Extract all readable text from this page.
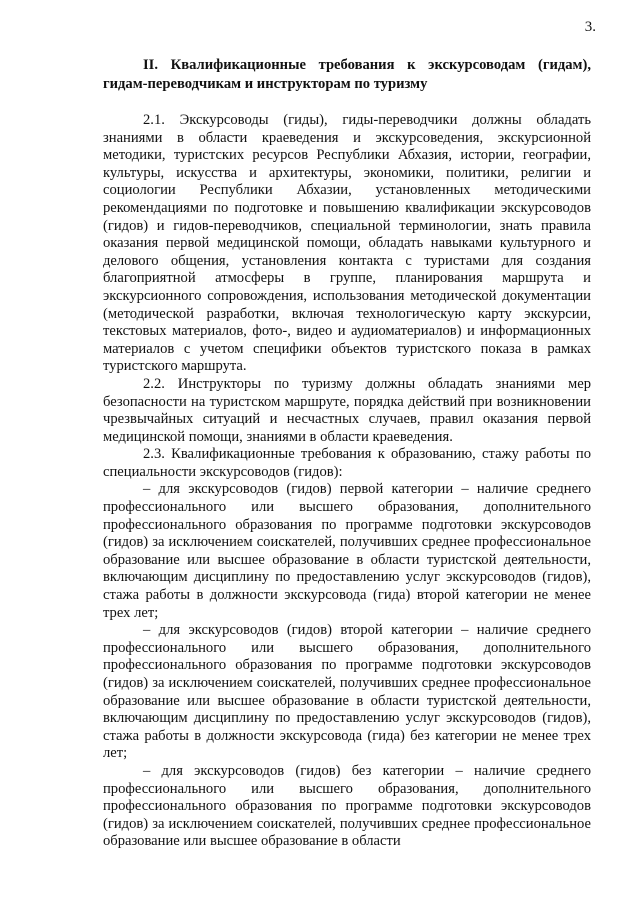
3.

II. Квалификационные требования к экскурсоводам (гидам), гидам-переводчикам и инструкторам по туризму

2.1. Экскурсоводы (гиды), гиды-переводчики должны обладать знаниями в области краеведения и экскурсоведения, экскурсионной методики, туристских ресурсов Республики Абхазия, истории, географии, культуры, искусства и архитектуры, экономики, политики, религии и социологии Республики Абхазии, установленных методическими рекомендациями по подготовке и повышению квалификации экскурсоводов (гидов) и гидов-переводчиков, специальной терминологии, знать правила оказания первой медицинской помощи, обладать навыками культурного и делового общения, установления контакта с туристами для создания благоприятной атмосферы в группе, планирования маршрута и экскурсионного сопровождения, использования методической документации (методической разработки, включая технологическую карту экскурсии, текстовых материалов, фото-, видео и аудиоматериалов) и информационных материалов с учетом специфики объектов туристского показа в рамках туристского маршрута.

2.2. Инструкторы по туризму должны обладать знаниями мер безопасности на туристском маршруте, порядка действий при возникновении чрезвычайных ситуаций и несчастных случаев, правил оказания первой медицинской помощи, знаниями в области краеведения.

2.3. Квалификационные требования к образованию, стажу работы по специальности экскурсоводов (гидов):

– для экскурсоводов (гидов) первой категории – наличие среднего профессионального или высшего образования, дополнительного профессионального образования по программе подготовки экскурсоводов (гидов) за исключением соискателей, получивших среднее профессиональное образование или высшее образование в области туристской деятельности, включающим дисциплину по предоставлению услуг экскурсоводов (гидов), стажа работы в должности экскурсовода (гида) второй категории не менее трех лет;

– для экскурсоводов (гидов) второй категории – наличие среднего профессионального или высшего образования, дополнительного профессионального образования по программе подготовки экскурсоводов (гидов) за исключением соискателей, получивших среднее профессиональное образование или высшее образование в области туристской деятельности, включающим дисциплину по предоставлению услуг экскурсоводов (гидов), стажа работы в должности экскурсовода (гида) без категории не менее трех лет;

– для экскурсоводов (гидов) без категории – наличие среднего профессионального или высшего образования, дополнительного профессионального образования по программе подготовки экскурсоводов (гидов) за исключением соискателей, получивших среднее профессиональное образование или высшее образование в области
